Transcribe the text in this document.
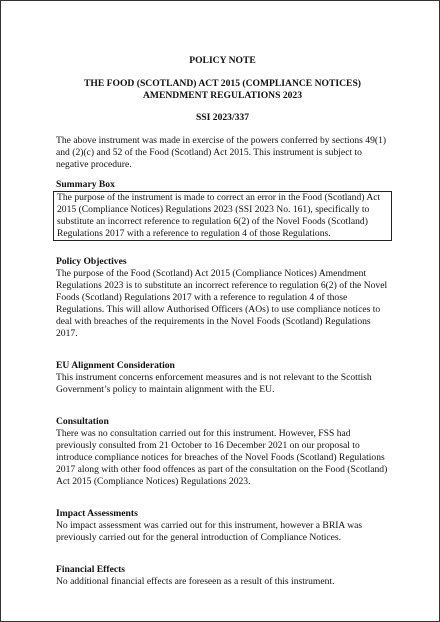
POLICY NOTE
THE FOOD (SCOTLAND) ACT 2015 (COMPLIANCE NOTICES)
AMENDMENT REGULATIONS 2023
SSI 2023/337

The above instrument was made in exercise of the powers conferred by sections 49(1) and (2)(c) and 52 of the Food (Scotland) Act 2015. This instrument is subject to negative procedure.

Summary Box

The purpose of the instrument is made to correct an error in the Food (Scotland) Act 2015 (Compliance Notices) Regulations 2023 (SSI 2023 No. 161), specifically to substitute an incorrect reference to regulation 6(2) of the Novel Foods (Scotland) Regulations 2017 with a reference to regulation 4 of those Regulations.

Policy Objectives

The purpose of the Food (Scotland) Act 2015 (Compliance Notices) Amendment Regulations 2023 is to substitute an incorrect reference to regulation 6(2) of the Novel Foods (Scotland) Regulations 2017 with a reference to regulation 4 of those Regulations. This will allow Authorised Officers (AOs) to use compliance notices to deal with breaches of the requirements in the Novel Foods (Scotland) Regulations 2017.

EU Alignment Consideration

This instrument concerns enforcement measures and is not relevant to the Scottish Government’s policy to maintain alignment with the EU.

Consultation

There was no consultation carried out for this instrument. However, FSS had previously consulted from 21 October to 16 December 2021 on our proposal to introduce compliance notices for breaches of the Novel Foods (Scotland) Regulations 2017 along with other food offences as part of the consultation on the Food (Scotland) Act 2015 (Compliance Notices) Regulations 2023.

Impact Assessments

No impact assessment was carried out for this instrument, however a BRIA was previously carried out for the general introduction of Compliance Notices.

Financial Effects

No additional financial effects are foreseen as a result of this instrument.
